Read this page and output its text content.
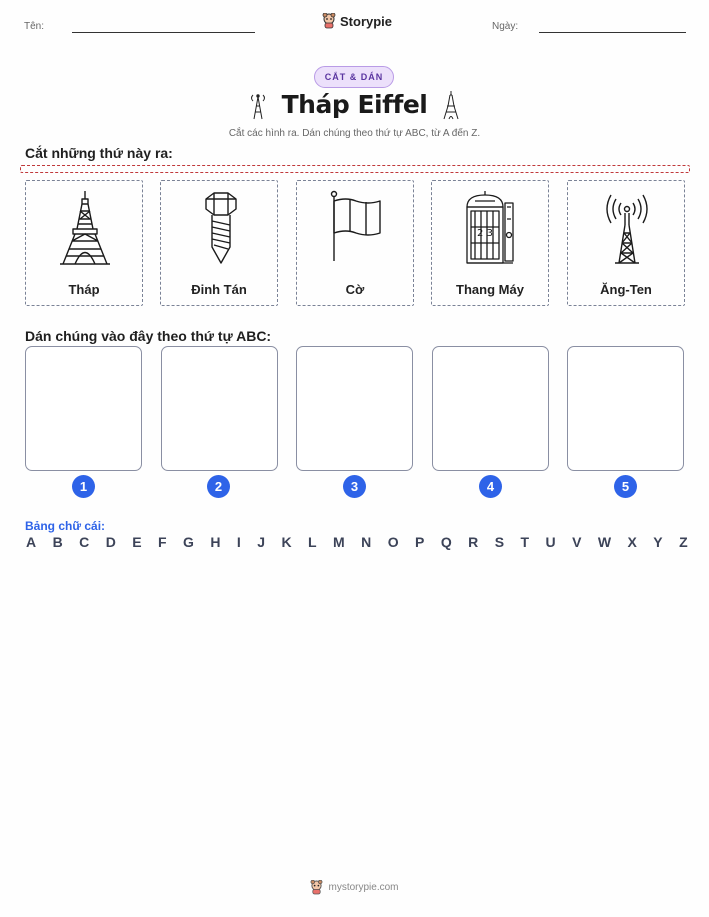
Tên:	Storypie	Ngày:
CẮT & DÁN
Tháp Eiffel
Cắt các hình ra. Dán chúng theo thứ tự ABC, từ A đến Z.
Cắt những thứ này ra:
Tháp	Đinh Tán	Cờ
2 3
Thang Máy	Ăng-Ten
Dán chúng vào đây theo thứ tự ABC:
1	2	3	4	5
Bảng chữ cái:
A B C D E F G H I J K L M N O P Q R S T U V W X Y Z
mystorypie.com
